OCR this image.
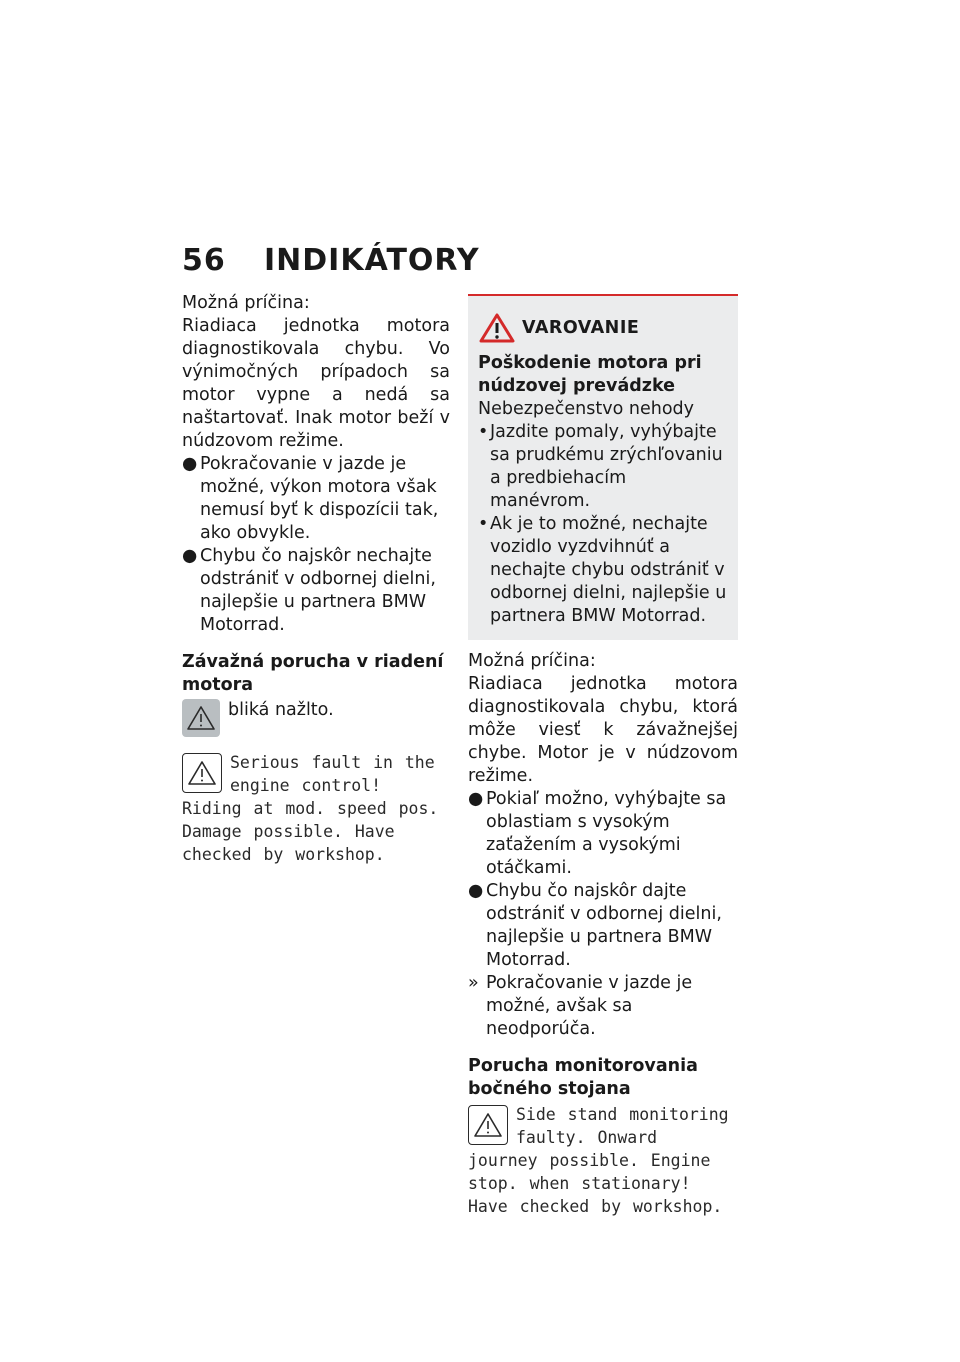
56	INDIKÁTORY

Možná príčina:

Riadiaca jednotka motora diagnostikovala chybu. Vo výnimočných prípadoch sa motor vypne a nedá sa naštartovať. Inak motor beží v núdzovom režime.

● Pokračovanie v jazde je možné, výkon motora však nemusí byť k dispozícii tak, ako obvykle.
● Chybu čo najskôr nechajte odstrániť v odbornej dielni, najlepšie u partnera BMW Motorrad.

Závažná porucha v riadení motora

bliká nažlto.
Serious fault in the engine control! Riding at mod. speed pos. Damage possible. Have checked by workshop.
VAROVANIE

Poškodenie motora pri núdzovej prevádzke

Nebezpečenstvo nehody

• Jazdite pomaly, vyhýbajte sa prudkému zrýchľovaniu a predbiehacím manévrom.
• Ak je to možné, nechajte vozidlo vyzdvihnúť a nechajte chybu odstrániť v odbornej dielni, najlepšie u partnera BMW Motorrad.

Možná príčina:

Riadiaca jednotka motora diagnostikovala chybu, ktorá môže viesť k závažnejšej chybe. Motor je v núdzovom režime.

● Pokiaľ možno, vyhýbajte sa oblastiam s vysokým zaťažením a vysokými otáčkami.
● Chybu čo najskôr dajte odstrániť v odbornej dielni, najlepšie u partnera BMW Motorrad.
» Pokračovanie v jazde je možné, avšak sa neodporúča.

Porucha monitorovania bočného stojana

Side stand monitoring faulty. Onward journey possible. Engine stop. when stationary! Have checked by workshop.
